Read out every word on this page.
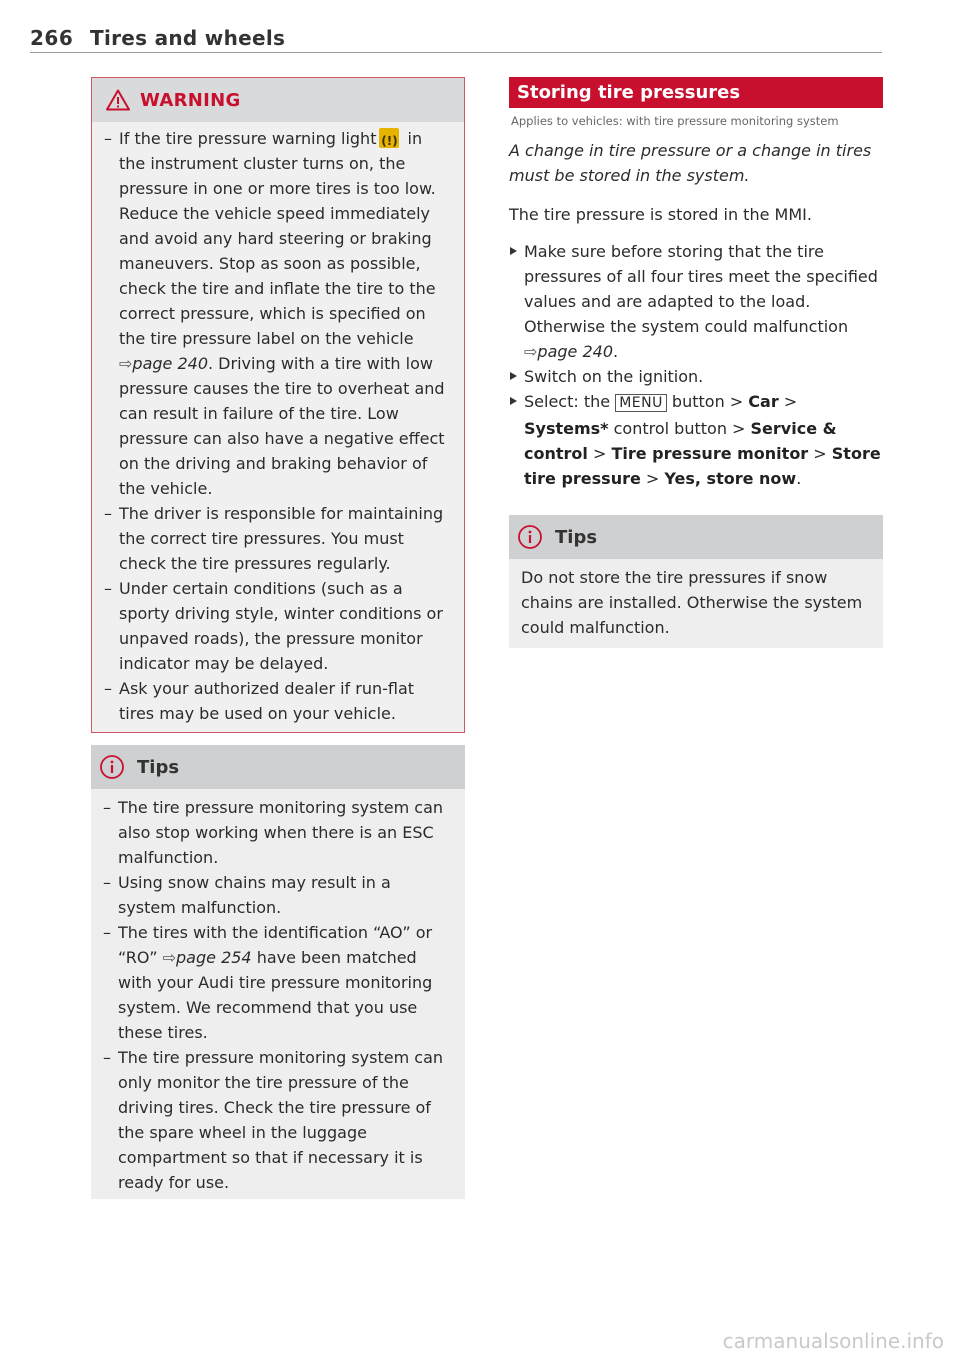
266 Tires and wheels
WARNING
– If the tire pressure warning light(!) in the instrument cluster turns on, the pressure in one or more tires is too low. Reduce the vehicle speed immediately and avoid any hard steering or braking maneuvers. Stop as soon as possible, check the tire and inflate the tire to the correct pressure, which is specified on the tire pressure label on the vehicle ⇨page 240. Driving with a tire with low pressure causes the tire to overheat and can result in failure of the tire. Low pressure can also have a negative effect on the driving and braking behavior of the vehicle.
– The driver is responsible for maintaining the correct tire pressures. You must check the tire pressures regularly.
– Under certain conditions (such as a sporty driving style, winter conditions or unpaved roads), the pressure monitor indicator may be delayed.
– Ask your authorized dealer if run-flat tires may be used on your vehicle.
Tips
– The tire pressure monitoring system can also stop working when there is an ESC malfunction.
– Using snow chains may result in a system malfunction.
– The tires with the identification “AO” or “RO” ⇨page 254 have been matched with your Audi tire pressure monitoring system. We recommend that you use these tires.
– The tire pressure monitoring system can only monitor the tire pressure of the driving tires. Check the tire pressure of the spare wheel in the luggage compartment so that if necessary it is ready for use.
Storing tire pressures
Applies to vehicles: with tire pressure monitoring system
A change in tire pressure or a change in tires must be stored in the system.
The tire pressure is stored in the MMI.
Make sure before storing that the tire pressures of all four tires meet the specified values and are adapted to the load. Otherwise the system could malfunction ⇨page 240.
Switch on the ignition.
Select: the MENU button > Car > Systems* control button > Service & control > Tire pressure monitor > Store tire pressure > Yes, store now.
Tips

Do not store the tire pressures if snow chains are installed. Otherwise the system could malfunction.

carmanualsonline.info
